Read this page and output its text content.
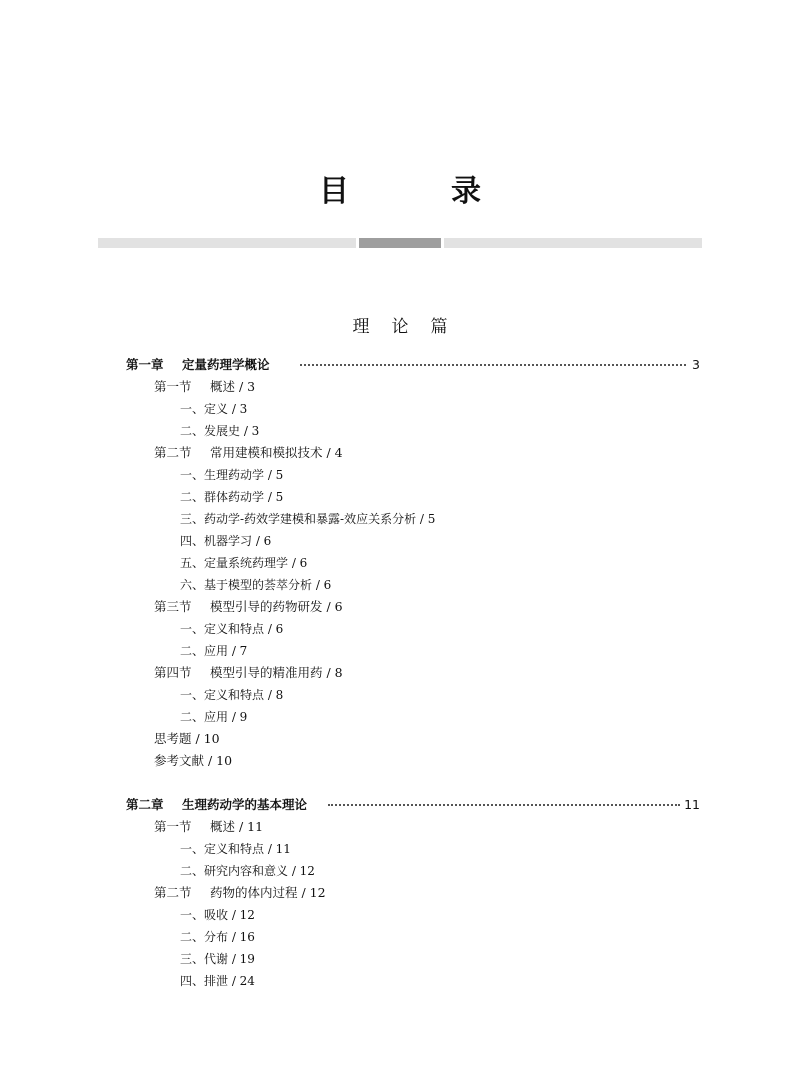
目　录
理论篇
第一章 定量药理学概论	3
第一节 概述 / 3
一、定义 / 3
二、发展史 / 3
第二节 常用建模和模拟技术 / 4
一、生理药动学 / 5
二、群体药动学 / 5
三、药动学-药效学建模和暴露-效应关系分析 / 5
四、机器学习 / 6
五、定量系统药理学 / 6
六、基于模型的荟萃分析 / 6
第三节 模型引导的药物研发 / 6
一、定义和特点 / 6
二、应用 / 7
第四节 模型引导的精准用药 / 8
一、定义和特点 / 8
二、应用 / 9
思考题 / 10
参考文献 / 10
第二章 生理药动学的基本理论	11
第一节 概述 / 11
一、定义和特点 / 11
二、研究内容和意义 / 12
第二节 药物的体内过程 / 12
一、吸收 / 12
二、分布 / 16
三、代谢 / 19
四、排泄 / 24
